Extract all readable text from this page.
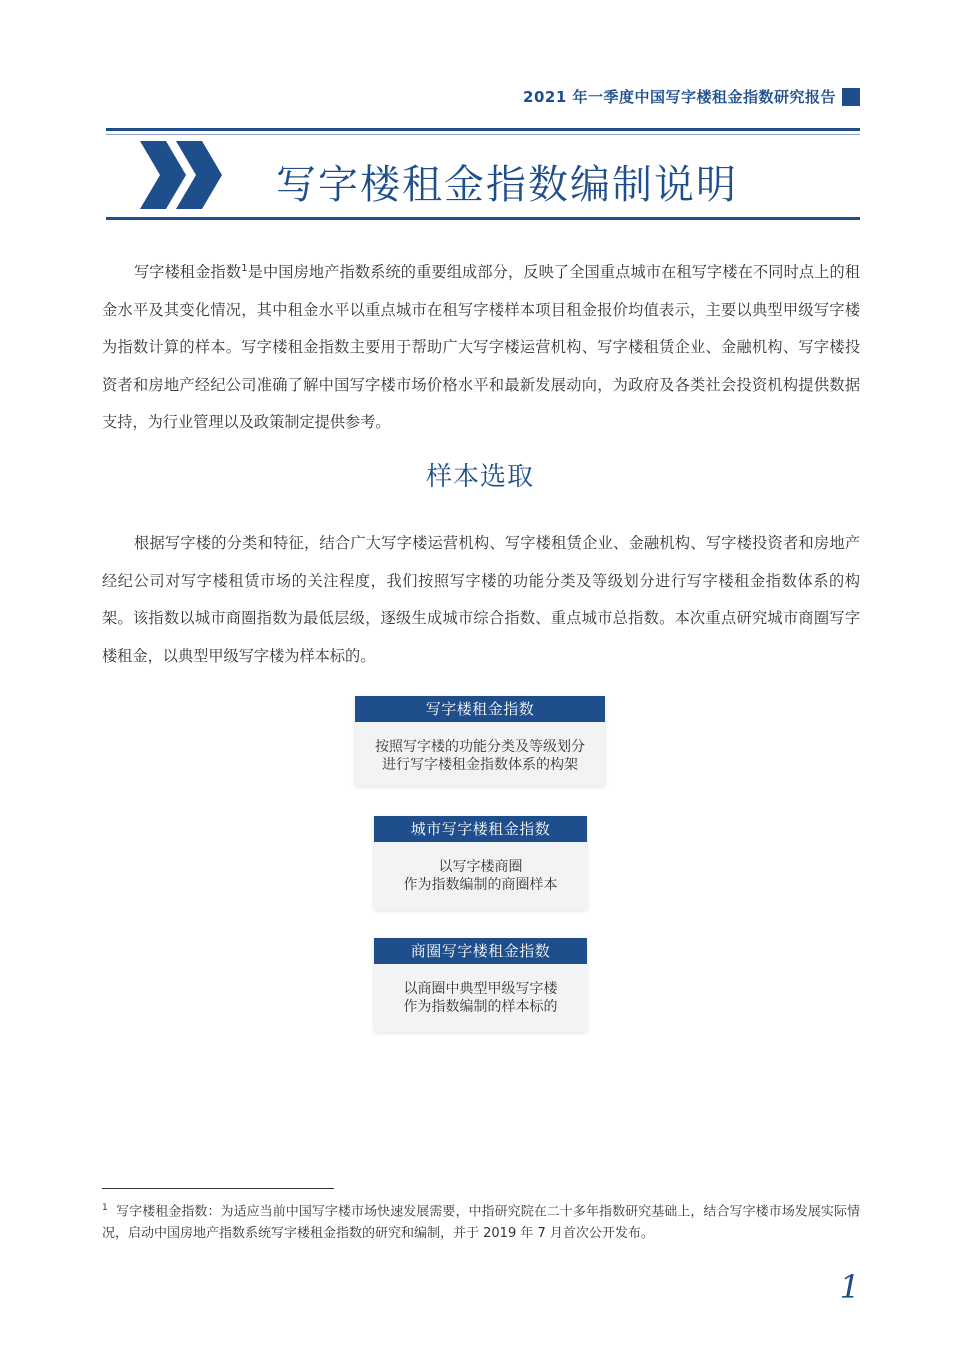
2021 年一季度中国写字楼租金指数研究报告
写字楼租金指数编制说明

写字楼租金指数$^1$是中国房地产指数系统的重要组成部分，反映了全国重点城市在租写字楼在不同时点上的租金水平及其变化情况，其中租金水平以重点城市在租写字楼样本项目租金报价均值表示，主要以典型甲级写字楼为指数计算的样本。写字楼租金指数主要用于帮助广大写字楼运营机构、写字楼租赁企业、金融机构、写字楼投资者和房地产经纪公司准确了解中国写字楼市场价格水平和最新发展动向，为政府及各类社会投资机构提供数据支持，为行业管理以及政策制定提供参考。

样本选取

根据写字楼的分类和特征，结合广大写字楼运营机构、写字楼租赁企业、金融机构、写字楼投资者和房地产经纪公司对写字楼租赁市场的关注程度，我们按照写字楼的功能分类及等级划分进行写字楼租金指数体系的构架。该指数以城市商圈指数为最低层级，逐级生成城市综合指数、重点城市总指数。本次重点研究城市商圈写字楼租金，以典型甲级写字楼为样本标的。

写字楼租金指数
按照写字楼的功能分类及等级划分
进行写字楼租金指数体系的构架
城市写字楼租金指数
以写字楼商圈
作为指数编制的商圈样本
商圈写字楼租金指数
以商圈中典型甲级写字楼
作为指数编制的样本标的

$^1$ 写字楼租金指数：为适应当前中国写字楼市场快速发展需要，中指研究院在二十多年指数研究基础上，结合写字楼市场发展实际情况，启动中国房地产指数系统写字楼租金指数的研究和编制，并于 2019 年 7 月首次公开发布。

1
